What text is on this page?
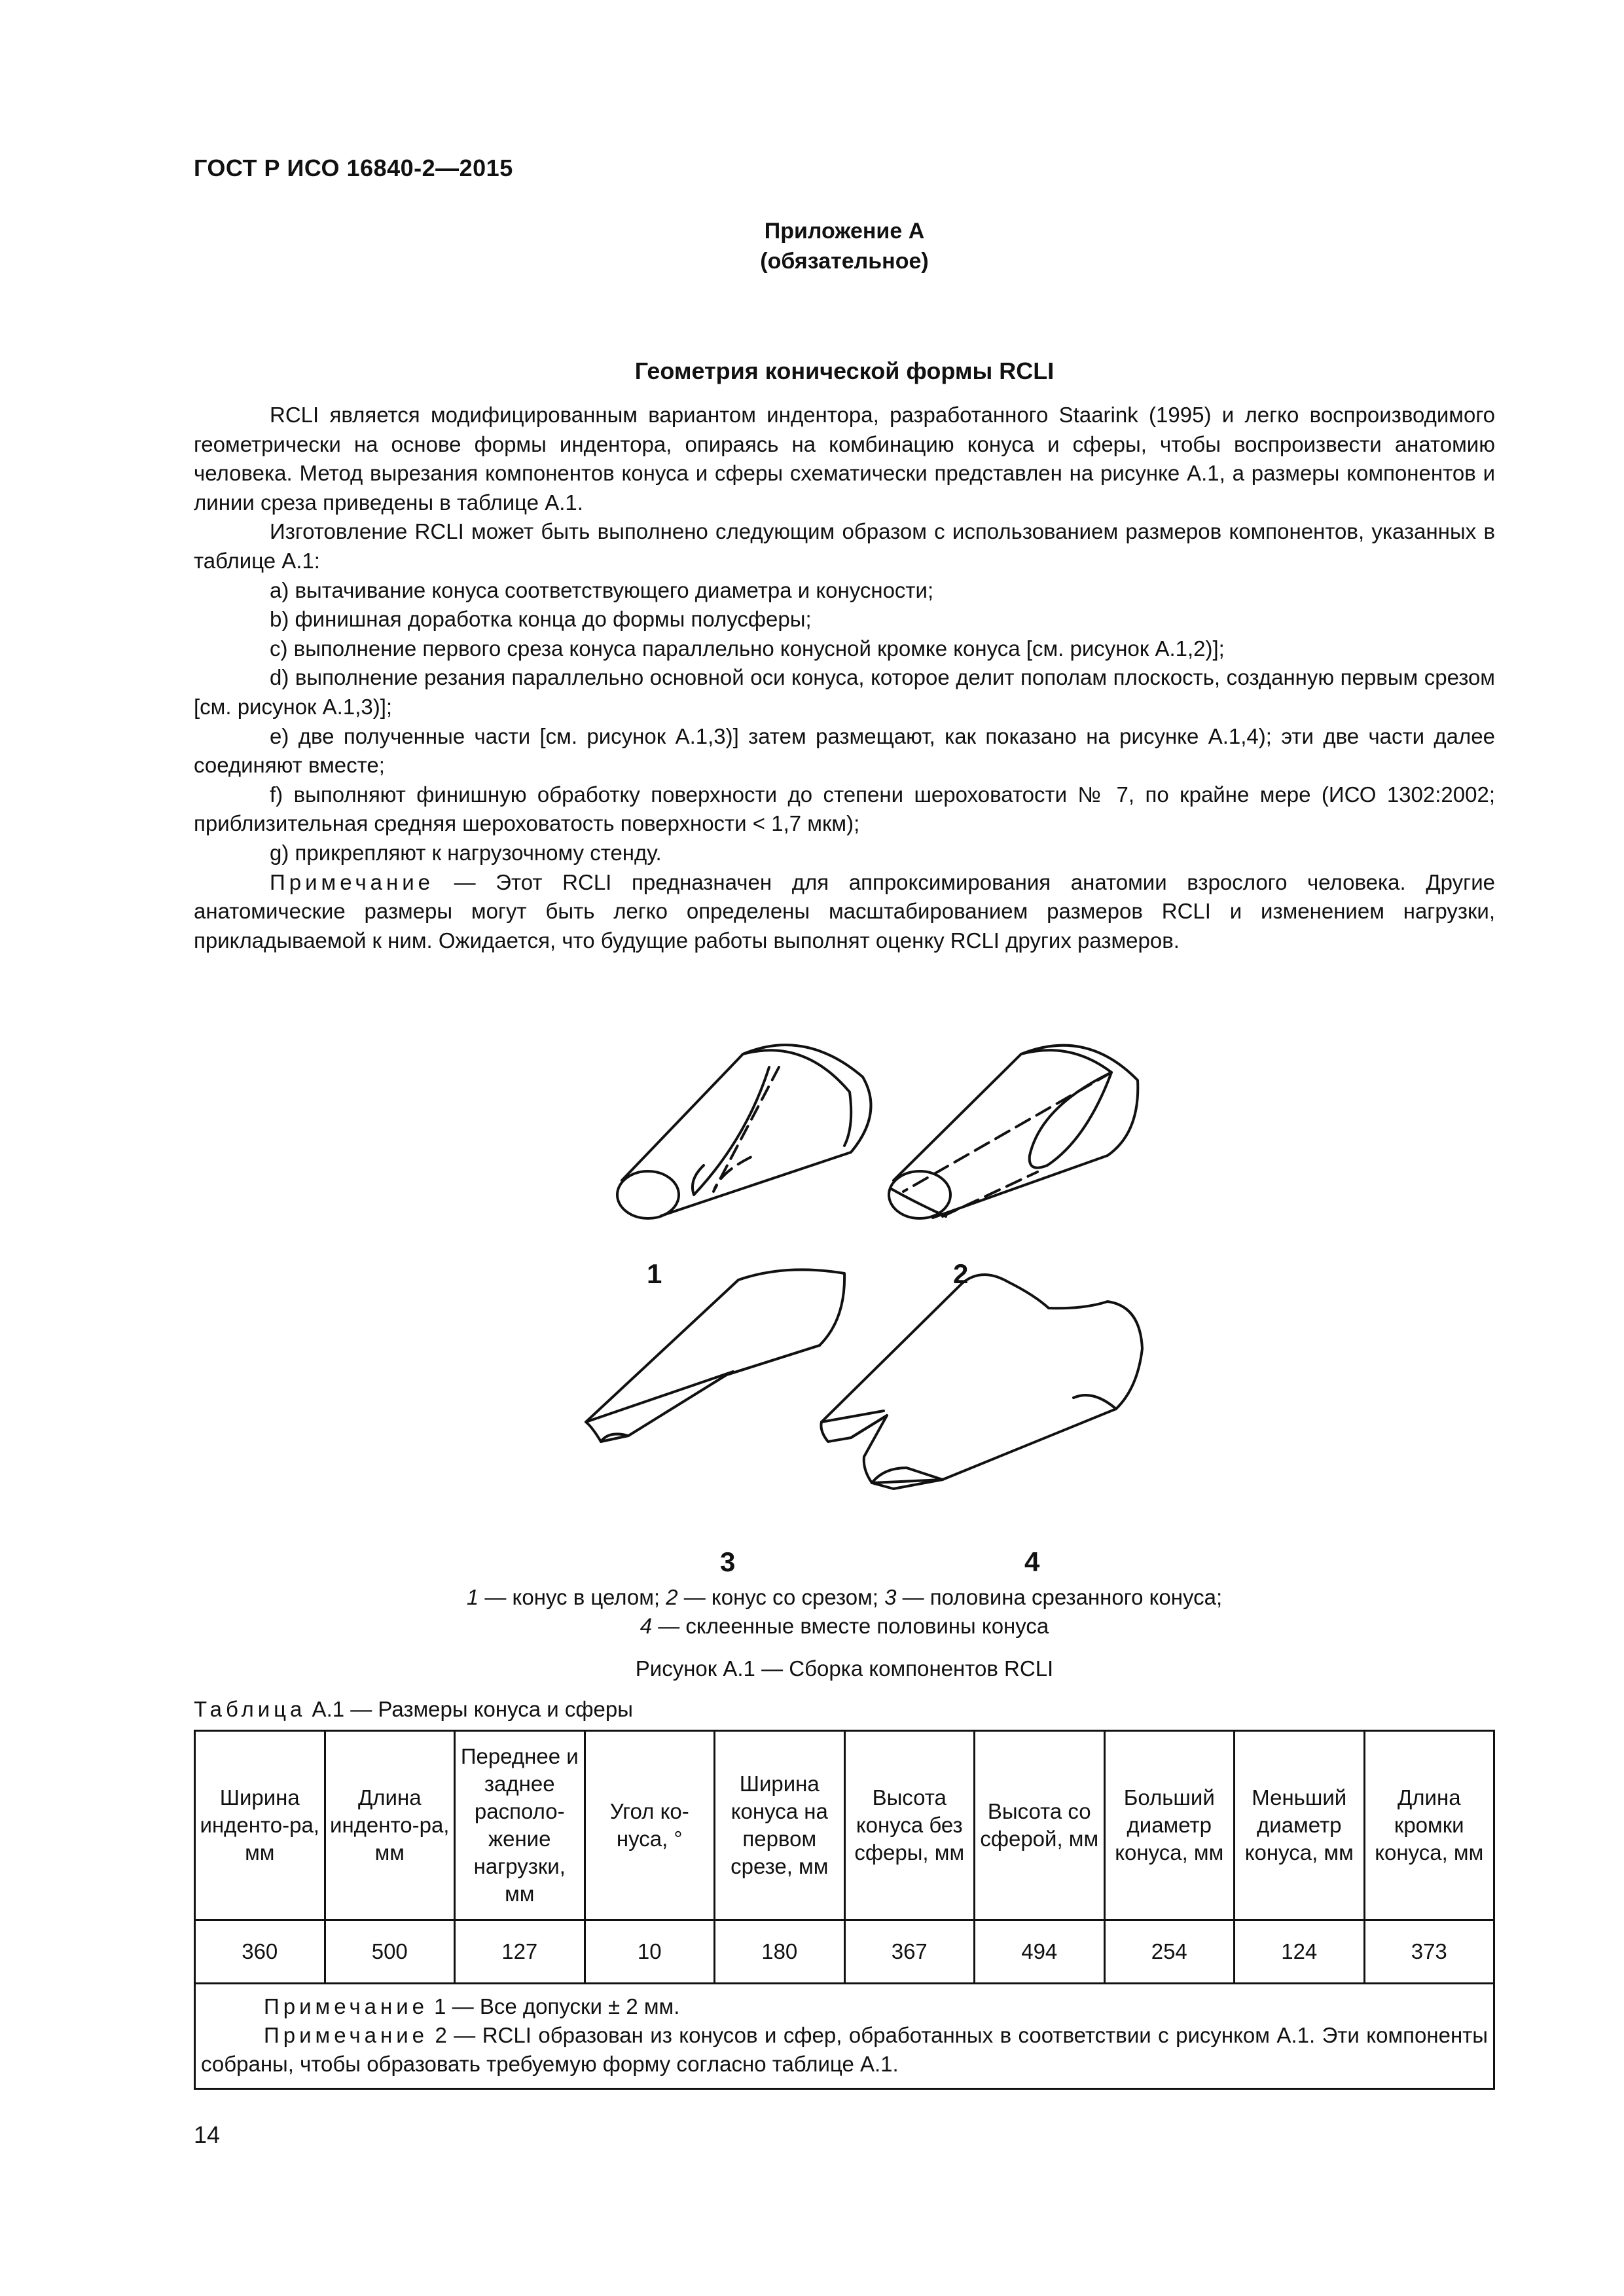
ГОСТ Р ИСО 16840-2—2015
Приложение А
(обязательное)
Геометрия конической формы RCLI

RCLI является модифицированным вариантом индентора, разработанного Staarink (1995) и легко воспроизводимого геометрически на основе формы индентора, опираясь на комбинацию конуса и сферы, чтобы воспроизвести анатомию человека. Метод вырезания компонентов конуса и сферы схематически представлен на рисунке А.1, а размеры компонентов и линии среза приведены в таблице А.1.

Изготовление RCLI может быть выполнено следующим образом с использованием размеров компонентов, указанных в таблице А.1:

а) вытачивание конуса соответствующего диаметра и конусности;

b) финишная доработка конца до формы полусферы;

с) выполнение первого среза конуса параллельно конусной кромке конуса [см. рисунок А.1,2)];

d) выполнение резания параллельно основной оси конуса, которое делит пополам плоскость, созданную первым срезом [см. рисунок А.1,3)];

е) две полученные части [см. рисунок А.1,3)] затем размещают, как показано на рисунке А.1,4); эти две части далее соединяют вместе;

f) выполняют финишную обработку поверхности до степени шероховатости № 7, по крайне мере (ИСО 1302:2002; приблизительная средняя шероховатость поверхности < 1,7 мкм);

g) прикрепляют к нагрузочному стенду.

Примечание — Этот RCLI предназначен для аппроксимирования анатомии взрослого человека. Другие анатомические размеры могут быть легко определены масштабированием размеров RCLI и изменением нагрузки, прикладываемой к ним. Ожидается, что будущие работы выполнят оценку RCLI других размеров.

1	2
3	4
1 — конус в целом; 2 — конус со срезом; 3 — половина срезанного конуса;
4 — склеенные вместе половины конуса
Рисунок А.1 — Сборка компонентов RCLI
Таблица А.1 — Размеры конуса и сферы
Ширина инденто-ра, мм	Длина инденто-ра, мм	Переднее и заднее располо-жение нагрузки, мм	Угол ко-нуса, °	Ширина конуса на первом срезе, мм	Высота конуса без сферы, мм	Высота со сферой, мм	Больший диаметр конуса, мм	Меньший диаметр конуса, мм	Длина кромки конуса, мм
360	500	127	10	180	367	494	254	124	373

Примечание 1 — Все допуски ± 2 мм.

Примечание 2 — RCLI образован из конусов и сфер, обработанных в соответствии с рисунком А.1. Эти компоненты собраны, чтобы образовать требуемую форму согласно таблице А.1.									

14
